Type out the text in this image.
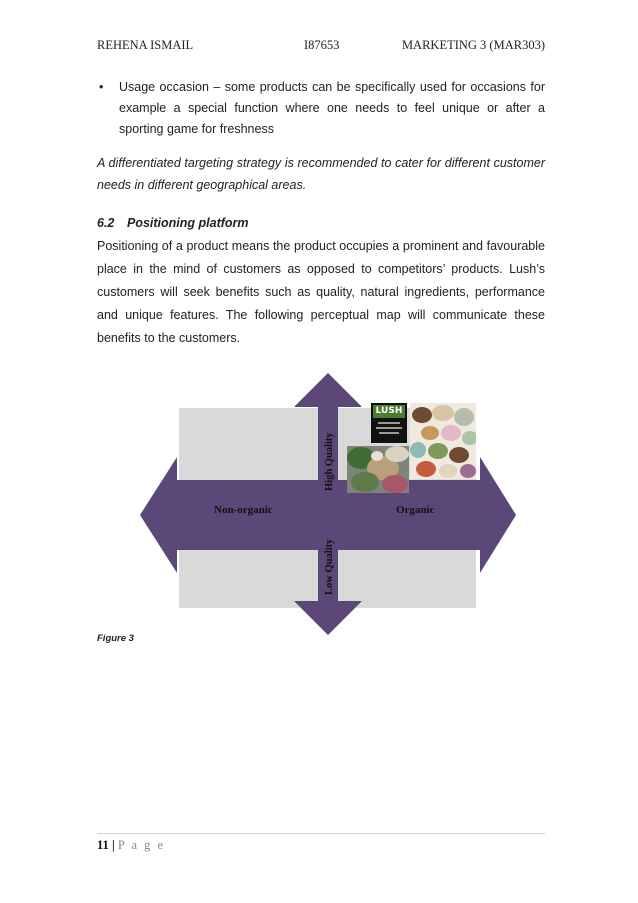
REHENA ISMAIL	I87653	MARKETING 3 (MAR303)
• Usage occasion – some products can be specifically used for occasions for example a special function where one needs to feel unique or after a sporting game for freshness

A differentiated targeting strategy is recommended to cater for different customer needs in different geographical areas.

6.2 Positioning platform

Positioning of a product means the product occupies a prominent and favourable place in the mind of customers as opposed to competitors’ products. Lush’s customers will seek benefits such as quality, natural ingredients, performance and unique features. The following perceptual map will communicate these benefits to the customers.

High Quality
Low Quality
Non-organic	Organic
LUSH
Figure 3
11 | P a g e
